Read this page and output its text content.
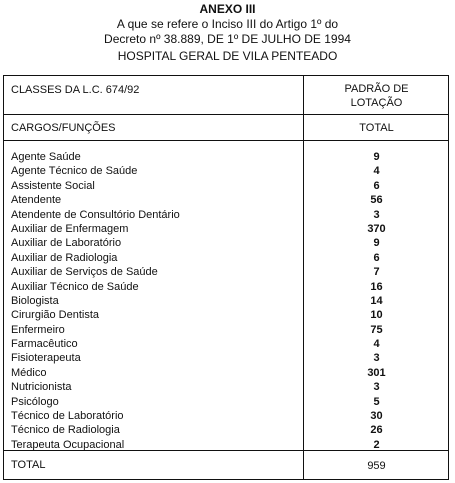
ANEXO III
A que se refere o Inciso III do Artigo 1º do
Decreto nº 38.889, DE 1º DE JULHO DE 1994
HOSPITAL GERAL DE VILA PENTEADO
CLASSES DA L.C. 674/92	PADRÃO DE
LOTAÇÃO
CARGOS/FUNÇÕES	TOTAL
Agente Saúde	9
Agente Técnico de Saúde	4
Assistente Social	6
Atendente	56
Atendente de Consultório Dentário	3
Auxiliar de Enfermagem	370
Auxiliar de Laboratório	9
Auxiliar de Radiologia	6
Auxiliar de Serviços de Saúde	7
Auxiliar Técnico de Saúde	16
Biologista	14
Cirurgião Dentista	10
Enfermeiro	75
Farmacêutico	4
Fisioterapeuta	3
Médico	301
Nutricionista	3
Psicólogo	5
Técnico de Laboratório	30
Técnico de Radiologia	26
Terapeuta Ocupacional	2
TOTAL	959
